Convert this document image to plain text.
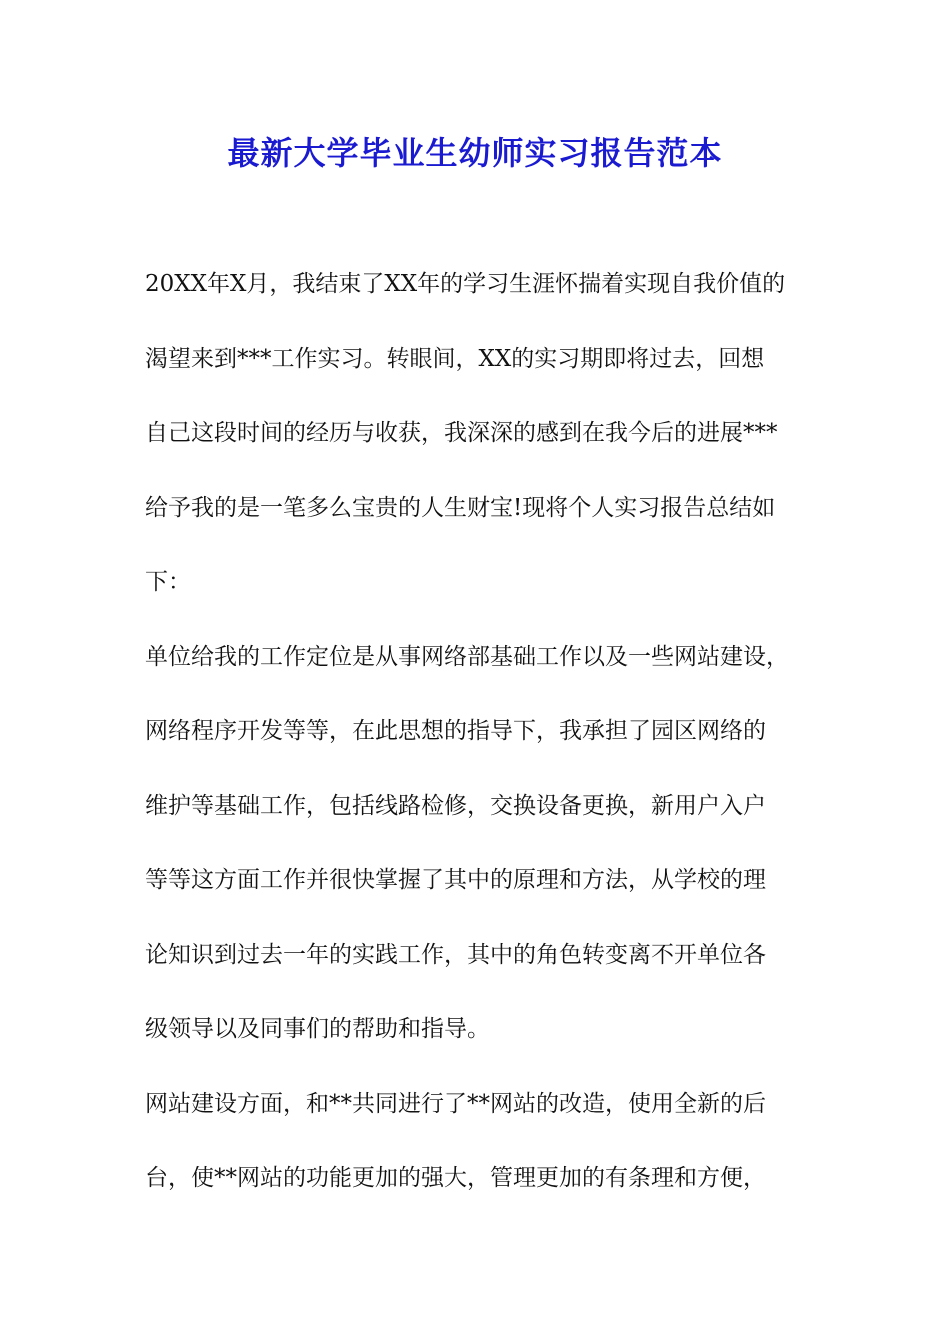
最新大学毕业生幼师实习报告范本
20XX年X月，我结束了XX年的学习生涯怀揣着实现自我价值的
渴望来到***工作实习。转眼间，XX的实习期即将过去，回想
自己这段时间的经历与收获，我深深的感到在我今后的进展***
给予我的是一笔多么宝贵的人生财宝!现将个人实习报告总结如
下：
单位给我的工作定位是从事网络部基础工作以及一些网站建设，
网络程序开发等等，在此思想的指导下，我承担了园区网络的
维护等基础工作，包括线路检修，交换设备更换，新用户入户
等等这方面工作并很快掌握了其中的原理和方法，从学校的理
论知识到过去一年的实践工作，其中的角色转变离不开单位各
级领导以及同事们的帮助和指导。
网站建设方面，和**共同进行了**网站的改造，使用全新的后
台，使**网站的功能更加的强大，管理更加的有条理和方便，
